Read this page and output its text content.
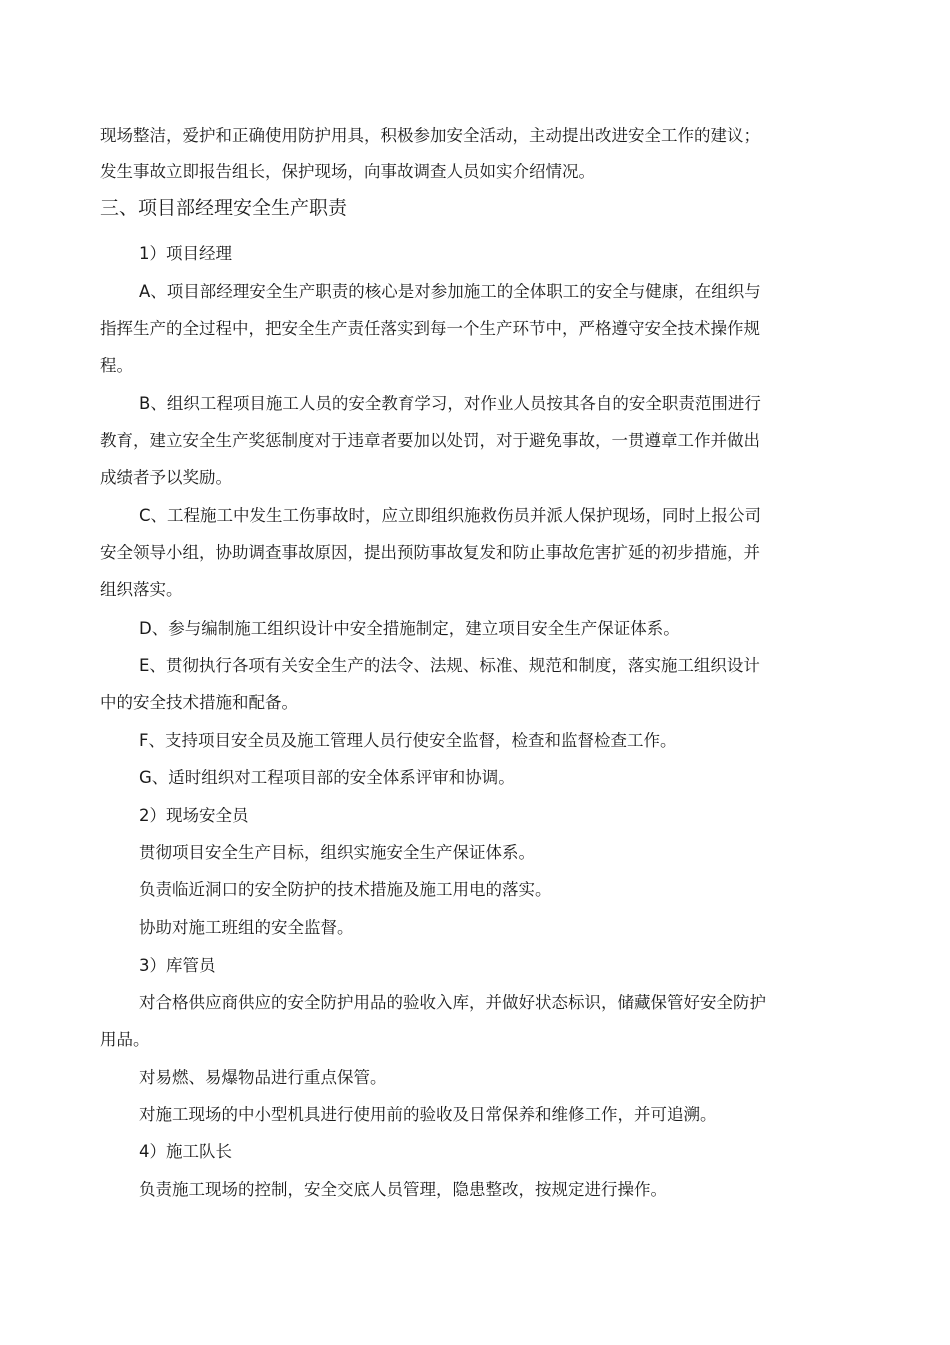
现场整洁，爱护和正确使用防护用具，积极参加安全活动，主动提出改进安全工作的建议；
发生事故立即报告组长，保护现场，向事故调查人员如实介绍情况。
三、项目部经理安全生产职责
1）项目经理
A、项目部经理安全生产职责的核心是对参加施工的全体职工的安全与健康，在组织与
指挥生产的全过程中，把安全生产责任落实到每一个生产环节中，严格遵守安全技术操作规
程。
B、组织工程项目施工人员的安全教育学习，对作业人员按其各自的安全职责范围进行
教育，建立安全生产奖惩制度对于违章者要加以处罚，对于避免事故，一贯遵章工作并做出
成绩者予以奖励。
C、工程施工中发生工伤事故时，应立即组织施救伤员并派人保护现场，同时上报公司
安全领导小组，协助调查事故原因，提出预防事故复发和防止事故危害扩延的初步措施，并
组织落实。
D、参与编制施工组织设计中安全措施制定，建立项目安全生产保证体系。
E、贯彻执行各项有关安全生产的法令、法规、标准、规范和制度，落实施工组织设计
中的安全技术措施和配备。
F、支持项目安全员及施工管理人员行使安全监督，检查和监督检查工作。
G、适时组织对工程项目部的安全体系评审和协调。
2）现场安全员
贯彻项目安全生产目标，组织实施安全生产保证体系。
负责临近洞口的安全防护的技术措施及施工用电的落实。
协助对施工班组的安全监督。
3）库管员
对合格供应商供应的安全防护用品的验收入库，并做好状态标识，储藏保管好安全防护
用品。
对易燃、易爆物品进行重点保管。
对施工现场的中小型机具进行使用前的验收及日常保养和维修工作，并可追溯。
4）施工队长
负责施工现场的控制，安全交底人员管理，隐患整改，按规定进行操作。
